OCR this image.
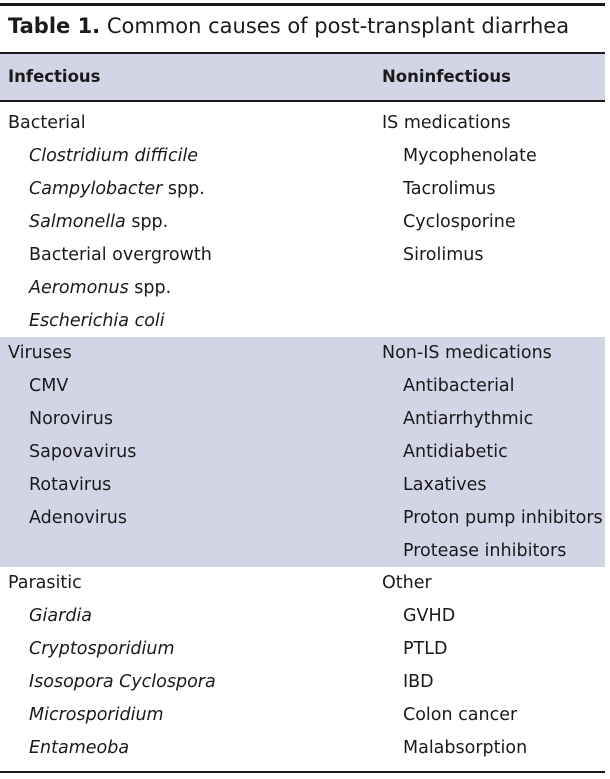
Table 1. Common causes of post-transplant diarrhea
Infectious	Noninfectious
Bacterial
Clostridium difficile
Campylobacter spp.
Salmonella spp.
Bacterial overgrowth
Aeromonus spp.
Escherichia coli
IS medications
Mycophenolate
Tacrolimus
Cyclosporine
Sirolimus
Viruses
CMV
Norovirus
Sapovavirus
Rotavirus
Adenovirus
Non-IS medications
Antibacterial
Antiarrhythmic
Antidiabetic
Laxatives
Proton pump inhibitors
Protease inhibitors
Parasitic
Giardia
Cryptosporidium
Isosopora Cyclospora
Microsporidium
Entameoba
Other
GVHD
PTLD
IBD
Colon cancer
Malabsorption
